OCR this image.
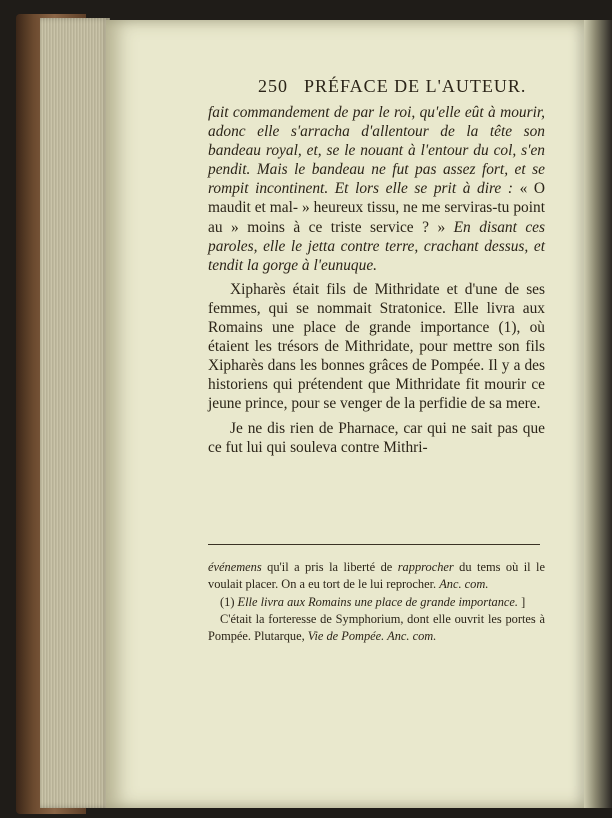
250 PRÉFACE DE L'AUTEUR.

fait commandement de par le roi, qu'elle eût à mourir, adonc elle s'arracha d'allentour de la tête son bandeau royal, et, se le nouant à l'entour du col, s'en pendit. Mais le bandeau ne fut pas assez fort, et se rompit incontinent. Et lors elle se prit à dire : « O maudit et mal- » heureux tissu, ne me serviras-tu point au » moins à ce triste service ? » En disant ces paroles, elle le jetta contre terre, crachant dessus, et tendit la gorge à l'eunuque.

Xipharès était fils de Mithridate et d'une de ses femmes, qui se nommait Stratonice. Elle livra aux Romains une place de grande importance (1), où étaient les trésors de Mithridate, pour mettre son fils Xipharès dans les bonnes grâces de Pompée. Il y a des historiens qui prétendent que Mithridate fit mourir ce jeune prince, pour se venger de la perfidie de sa mere.

Je ne dis rien de Pharnace, car qui ne sait pas que ce fut lui qui souleva contre Mithri-

événemens qu'il a pris la liberté de rapprocher du tems où il le voulait placer. On a eu tort de le lui reprocher. Anc. com.

(1) Elle livra aux Romains une place de grande importance. ]

C'était la forteresse de Symphorium, dont elle ouvrit les portes à Pompée. Plutarque, Vie de Pompée. Anc. com.
